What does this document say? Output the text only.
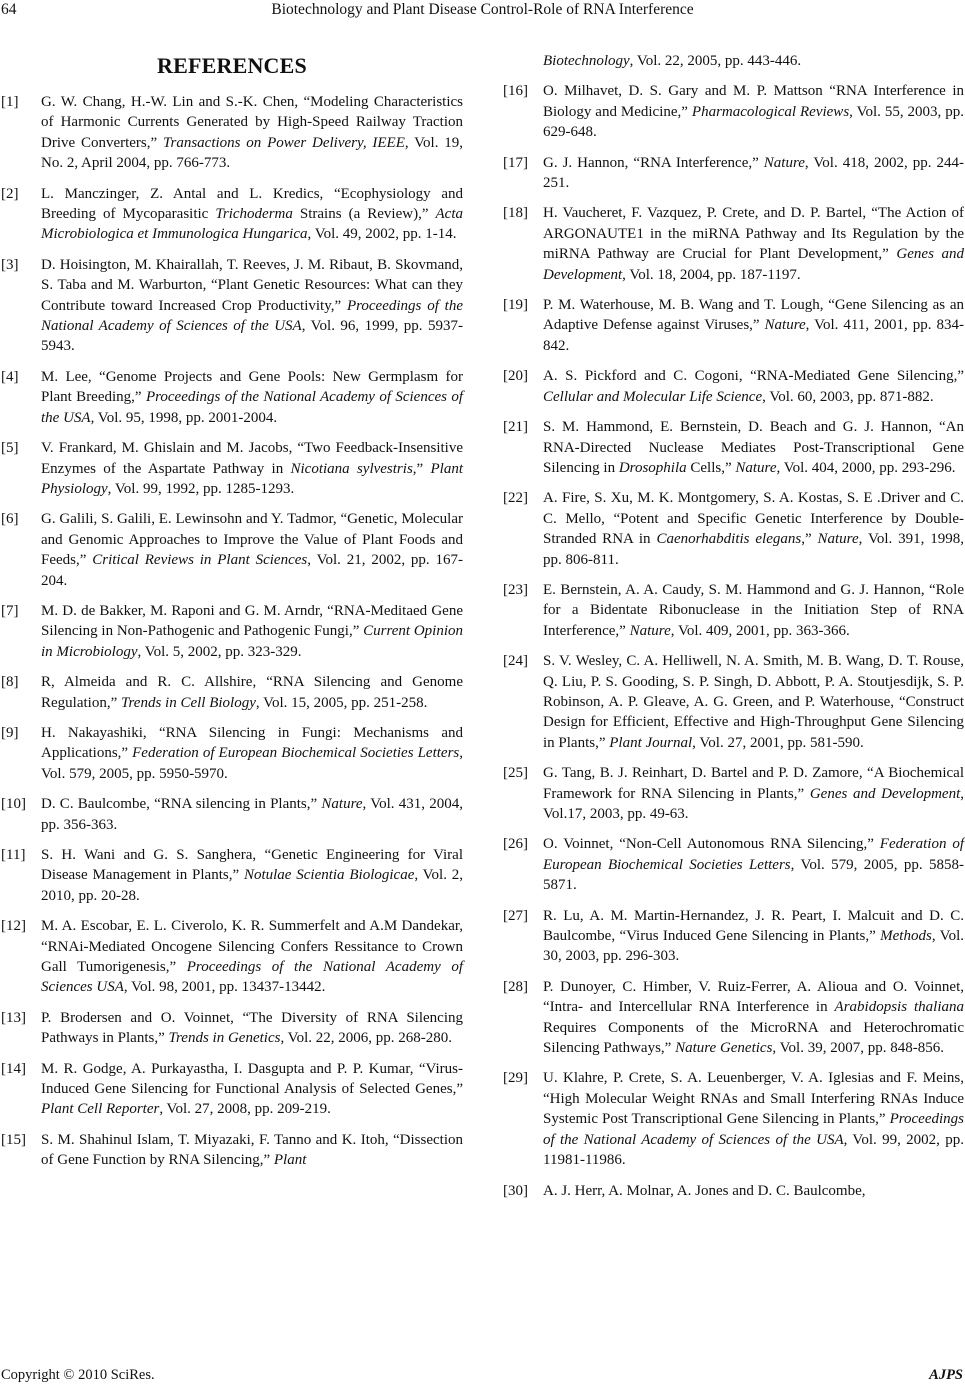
64	Biotechnology and Plant Disease Control-Role of RNA Interference
REFERENCES
[1] G. W. Chang, H.-W. Lin and S.-K. Chen, “Modeling Characteristics of Harmonic Currents Generated by High-Speed Railway Traction Drive Converters,” Transactions on Power Delivery, IEEE, Vol. 19, No. 2, April 2004, pp. 766-773.
[2] L. Manczinger, Z. Antal and L. Kredics, “Ecophysiology and Breeding of Mycoparasitic Trichoderma Strains (a Review),” Acta Microbiologica et Immunologica Hungarica, Vol. 49, 2002, pp. 1-14.
[3] D. Hoisington, M. Khairallah, T. Reeves, J. M. Ribaut, B. Skovmand, S. Taba and M. Warburton, “Plant Genetic Resources: What can they Contribute toward Increased Crop Productivity,” Proceedings of the National Academy of Sciences of the USA, Vol. 96, 1999, pp. 5937-5943.
[4] M. Lee, “Genome Projects and Gene Pools: New Germplasm for Plant Breeding,” Proceedings of the National Academy of Sciences of the USA, Vol. 95, 1998, pp. 2001-2004.
[5] V. Frankard, M. Ghislain and M. Jacobs, “Two Feedback-Insensitive Enzymes of the Aspartate Pathway in Nicotiana sylvestris,” Plant Physiology, Vol. 99, 1992, pp. 1285-1293.
[6] G. Galili, S. Galili, E. Lewinsohn and Y. Tadmor, “Genetic, Molecular and Genomic Approaches to Improve the Value of Plant Foods and Feeds,” Critical Reviews in Plant Sciences, Vol. 21, 2002, pp. 167-204.
[7] M. D. de Bakker, M. Raponi and G. M. Arndr, “RNA-Meditaed Gene Silencing in Non-Pathogenic and Pathogenic Fungi,” Current Opinion in Microbiology, Vol. 5, 2002, pp. 323-329.
[8] R, Almeida and R. C. Allshire, “RNA Silencing and Genome Regulation,” Trends in Cell Biology, Vol. 15, 2005, pp. 251-258.
[9] H. Nakayashiki, “RNA Silencing in Fungi: Mechanisms and Applications,” Federation of European Biochemical Societies Letters, Vol. 579, 2005, pp. 5950-5970.
[10] D. C. Baulcombe, “RNA silencing in Plants,” Nature, Vol. 431, 2004, pp. 356-363.
[11] S. H. Wani and G. S. Sanghera, “Genetic Engineering for Viral Disease Management in Plants,” Notulae Scientia Biologicae, Vol. 2, 2010, pp. 20-28.
[12] M. A. Escobar, E. L. Civerolo, K. R. Summerfelt and A.M Dandekar, “RNAi-Mediated Oncogene Silencing Confers Ressitance to Crown Gall Tumorigenesis,” Proceedings of the National Academy of Sciences USA, Vol. 98, 2001, pp. 13437-13442.
[13] P. Brodersen and O. Voinnet, “The Diversity of RNA Silencing Pathways in Plants,” Trends in Genetics, Vol. 22, 2006, pp. 268-280.
[14] M. R. Godge, A. Purkayastha, I. Dasgupta and P. P. Kumar, “Virus-Induced Gene Silencing for Functional Analysis of Selected Genes,” Plant Cell Reporter, Vol. 27, 2008, pp. 209-219.
[15] S. M. Shahinul Islam, T. Miyazaki, F. Tanno and K. Itoh, “Dissection of Gene Function by RNA Silencing,” Plant
Biotechnology, Vol. 22, 2005, pp. 443-446.
[16] O. Milhavet, D. S. Gary and M. P. Mattson “RNA Interference in Biology and Medicine,” Pharmacological Reviews, Vol. 55, 2003, pp. 629-648.
[17] G. J. Hannon, “RNA Interference,” Nature, Vol. 418, 2002, pp. 244-251.
[18] H. Vaucheret, F. Vazquez, P. Crete, and D. P. Bartel, “The Action of ARGONAUTE1 in the miRNA Pathway and Its Regulation by the miRNA Pathway are Crucial for Plant Development,” Genes and Development, Vol. 18, 2004, pp. 187-1197.
[19] P. M. Waterhouse, M. B. Wang and T. Lough, “Gene Silencing as an Adaptive Defense against Viruses,” Nature, Vol. 411, 2001, pp. 834-842.
[20] A. S. Pickford and C. Cogoni, “RNA-Mediated Gene Silencing,” Cellular and Molecular Life Science, Vol. 60, 2003, pp. 871-882.
[21] S. M. Hammond, E. Bernstein, D. Beach and G. J. Hannon, “An RNA-Directed Nuclease Mediates Post-Transcriptional Gene Silencing in Drosophila Cells,” Nature, Vol. 404, 2000, pp. 293-296.
[22] A. Fire, S. Xu, M. K. Montgomery, S. A. Kostas, S. E .Driver and C. C. Mello, “Potent and Specific Genetic Interference by Double-Stranded RNA in Caenorhabditis elegans,” Nature, Vol. 391, 1998, pp. 806-811.
[23] E. Bernstein, A. A. Caudy, S. M. Hammond and G. J. Hannon, “Role for a Bidentate Ribonuclease in the Initiation Step of RNA Interference,” Nature, Vol. 409, 2001, pp. 363-366.
[24] S. V. Wesley, C. A. Helliwell, N. A. Smith, M. B. Wang, D. T. Rouse, Q. Liu, P. S. Gooding, S. P. Singh, D. Abbott, P. A. Stoutjesdijk, S. P. Robinson, A. P. Gleave, A. G. Green, and P. Waterhouse, “Construct Design for Efficient, Effective and High-Throughput Gene Silencing in Plants,” Plant Journal, Vol. 27, 2001, pp. 581-590.
[25] G. Tang, B. J. Reinhart, D. Bartel and P. D. Zamore, “A Biochemical Framework for RNA Silencing in Plants,” Genes and Development, Vol.17, 2003, pp. 49-63.
[26] O. Voinnet, “Non-Cell Autonomous RNA Silencing,” Federation of European Biochemical Societies Letters, Vol. 579, 2005, pp. 5858-5871.
[27] R. Lu, A. M. Martin-Hernandez, J. R. Peart, I. Malcuit and D. C. Baulcombe, “Virus Induced Gene Silencing in Plants,” Methods, Vol. 30, 2003, pp. 296-303.
[28] P. Dunoyer, C. Himber, V. Ruiz-Ferrer, A. Alioua and O. Voinnet, “Intra- and Intercellular RNA Interference in Arabidopsis thaliana Requires Components of the MicroRNA and Heterochromatic Silencing Pathways,” Nature Genetics, Vol. 39, 2007, pp. 848-856.
[29] U. Klahre, P. Crete, S. A. Leuenberger, V. A. Iglesias and F. Meins, “High Molecular Weight RNAs and Small Interfering RNAs Induce Systemic Post Transcriptional Gene Silencing in Plants,” Proceedings of the National Academy of Sciences of the USA, Vol. 99, 2002, pp. 11981-11986.
[30] A. J. Herr, A. Molnar, A. Jones and D. C. Baulcombe,
Copyright © 2010 SciRes.	AJPS
